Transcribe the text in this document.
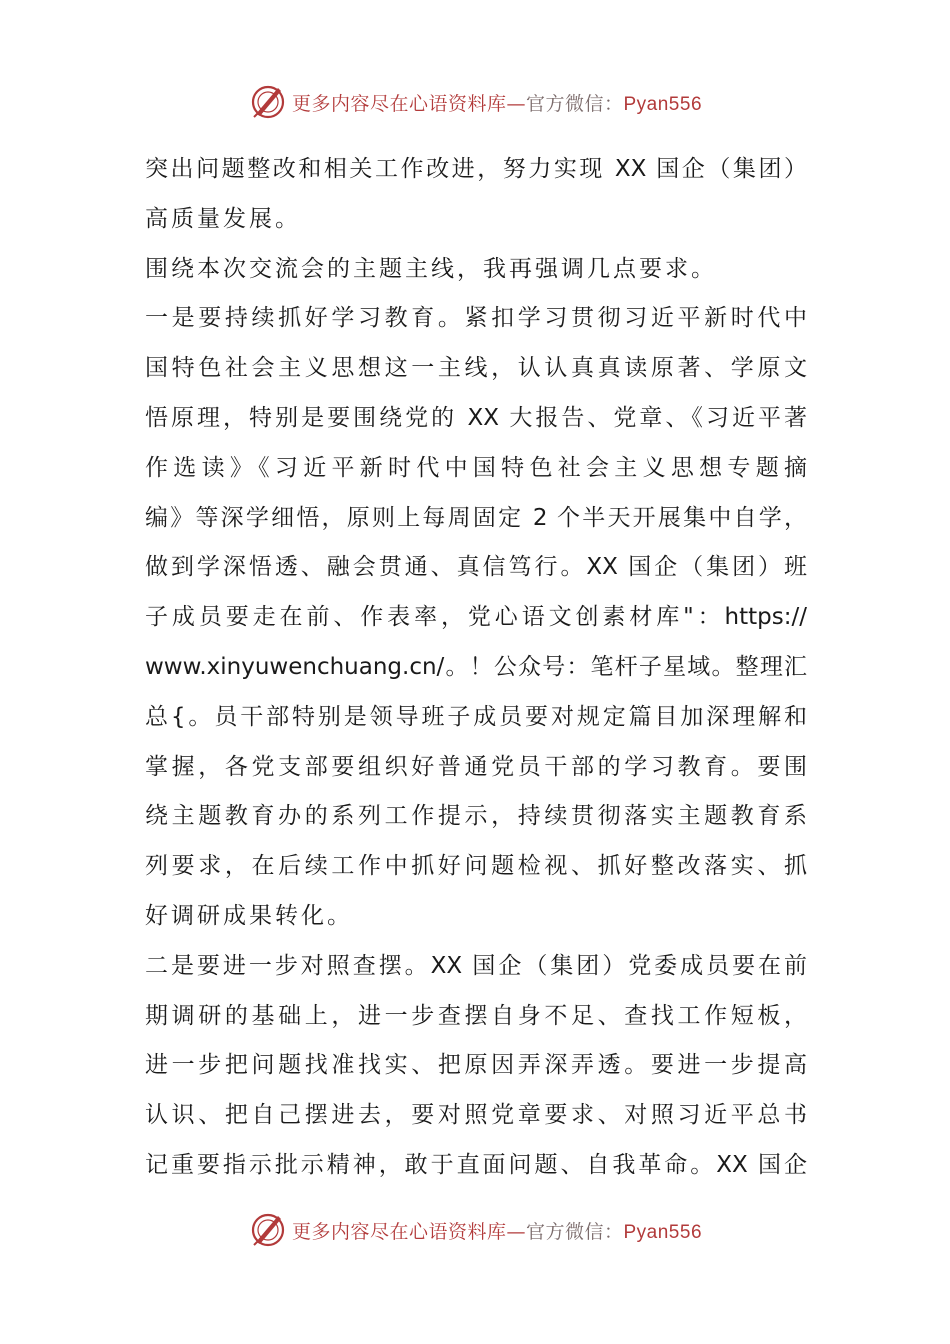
更多内容尽在心语资料库—官方微信：Pyan556
突出问题整改和相关工作改进，努力实现 XX 国企（集团）
高质量发展。
围绕本次交流会的主题主线，我再强调几点要求。
一是要持续抓好学习教育。紧扣学习贯彻习近平新时代中
国特色社会主义思想这一主线，认认真真读原著、学原文
悟原理，特别是要围绕党的 XX 大报告、党章、《习近平著
作选读》《习近平新时代中国特色社会主义思想专题摘
编》等深学细悟，原则上每周固定 2 个半天开展集中自学，
做到学深悟透、融会贯通、真信笃行。XX 国企（集团）班
子成员要走在前、作表率，党心语文创素材库"：https://
www.xinyuwenchuang.cn/。！公众号：笔杆子星域。整理汇
总{。员干部特别是领导班子成员要对规定篇目加深理解和
掌握，各党支部要组织好普通党员干部的学习教育。要围
绕主题教育办的系列工作提示，持续贯彻落实主题教育系
列要求，在后续工作中抓好问题检视、抓好整改落实、抓
好调研成果转化。
二是要进一步对照查摆。XX 国企（集团）党委成员要在前
期调研的基础上，进一步查摆自身不足、查找工作短板，
进一步把问题找准找实、把原因弄深弄透。要进一步提高
认识、把自己摆进去，要对照党章要求、对照习近平总书
记重要指示批示精神，敢于直面问题、自我革命。XX 国企
更多内容尽在心语资料库—官方微信：Pyan556
